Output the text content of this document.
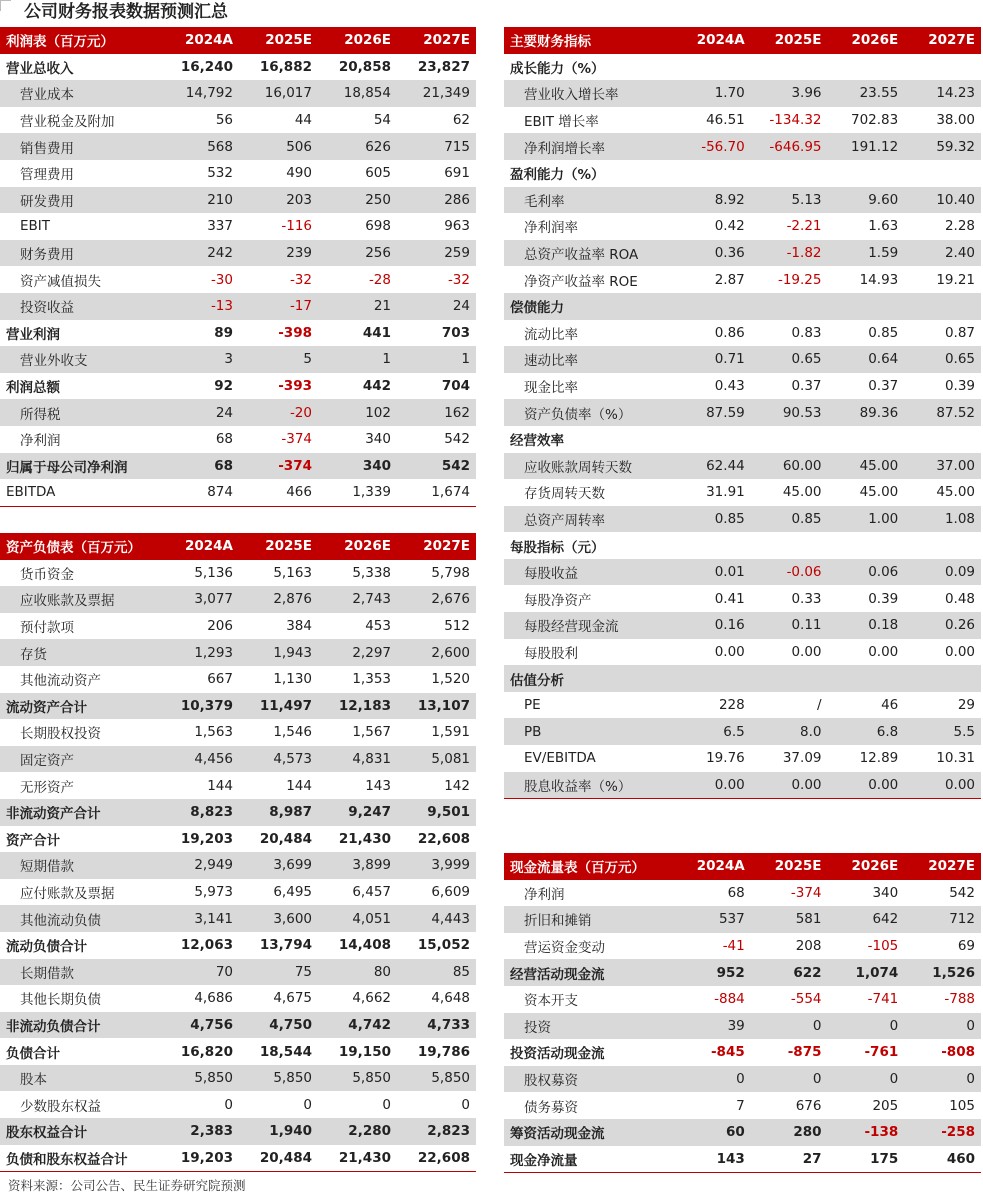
公司财务报表数据预测汇总
利润表（百万元）	2024A	2025E	2026E	2027E
营业总收入	16,240	16,882	20,858	23,827
营业成本	14,792	16,017	18,854	21,349
营业税金及附加	56	44	54	62
销售费用	568	506	626	715
管理费用	532	490	605	691
研发费用	210	203	250	286
EBIT	337	-116	698	963
财务费用	242	239	256	259
资产减值损失	-30	-32	-28	-32
投资收益	-13	-17	21	24
营业利润	89	-398	441	703
营业外收支	3	5	1	1
利润总额	92	-393	442	704
所得税	24	-20	102	162
净利润	68	-374	340	542
归属于母公司净利润	68	-374	340	542
EBITDA	874	466	1,339	1,674
资产负债表（百万元）	2024A	2025E	2026E	2027E
货币资金	5,136	5,163	5,338	5,798
应收账款及票据	3,077	2,876	2,743	2,676
预付款项	206	384	453	512
存货	1,293	1,943	2,297	2,600
其他流动资产	667	1,130	1,353	1,520
流动资产合计	10,379	11,497	12,183	13,107
长期股权投资	1,563	1,546	1,567	1,591
固定资产	4,456	4,573	4,831	5,081
无形资产	144	144	143	142
非流动资产合计	8,823	8,987	9,247	9,501
资产合计	19,203	20,484	21,430	22,608
短期借款	2,949	3,699	3,899	3,999
应付账款及票据	5,973	6,495	6,457	6,609
其他流动负债	3,141	3,600	4,051	4,443
流动负债合计	12,063	13,794	14,408	15,052
长期借款	70	75	80	85
其他长期负债	4,686	4,675	4,662	4,648
非流动负债合计	4,756	4,750	4,742	4,733
负债合计	16,820	18,544	19,150	19,786
股本	5,850	5,850	5,850	5,850
少数股东权益	0	0	0	0
股东权益合计	2,383	1,940	2,280	2,823
负债和股东权益合计	19,203	20,484	21,430	22,608
主要财务指标	2024A	2025E	2026E	2027E
成长能力（%）				
营业收入增长率	1.70	3.96	23.55	14.23
EBIT 增长率	46.51	-134.32	702.83	38.00
净利润增长率	-56.70	-646.95	191.12	59.32
盈利能力（%）				
毛利率	8.92	5.13	9.60	10.40
净利润率	0.42	-2.21	1.63	2.28
总资产收益率 ROA	0.36	-1.82	1.59	2.40
净资产收益率 ROE	2.87	-19.25	14.93	19.21
偿债能力				
流动比率	0.86	0.83	0.85	0.87
速动比率	0.71	0.65	0.64	0.65
现金比率	0.43	0.37	0.37	0.39
资产负债率（%）	87.59	90.53	89.36	87.52
经营效率				
应收账款周转天数	62.44	60.00	45.00	37.00
存货周转天数	31.91	45.00	45.00	45.00
总资产周转率	0.85	0.85	1.00	1.08
每股指标（元）				
每股收益	0.01	-0.06	0.06	0.09
每股净资产	0.41	0.33	0.39	0.48
每股经营现金流	0.16	0.11	0.18	0.26
每股股利	0.00	0.00	0.00	0.00
估值分析				
PE	228	/	46	29
PB	6.5	8.0	6.8	5.5
EV/EBITDA	19.76	37.09	12.89	10.31
股息收益率（%）	0.00	0.00	0.00	0.00
现金流量表（百万元）	2024A	2025E	2026E	2027E
净利润	68	-374	340	542
折旧和摊销	537	581	642	712
营运资金变动	-41	208	-105	69
经营活动现金流	952	622	1,074	1,526
资本开支	-884	-554	-741	-788
投资	39	0	0	0
投资活动现金流	-845	-875	-761	-808
股权募资	0	0	0	0
债务募资	7	676	205	105
筹资活动现金流	60	280	-138	-258
现金净流量	143	27	175	460
资料来源：公司公告、民生证券研究院预测
